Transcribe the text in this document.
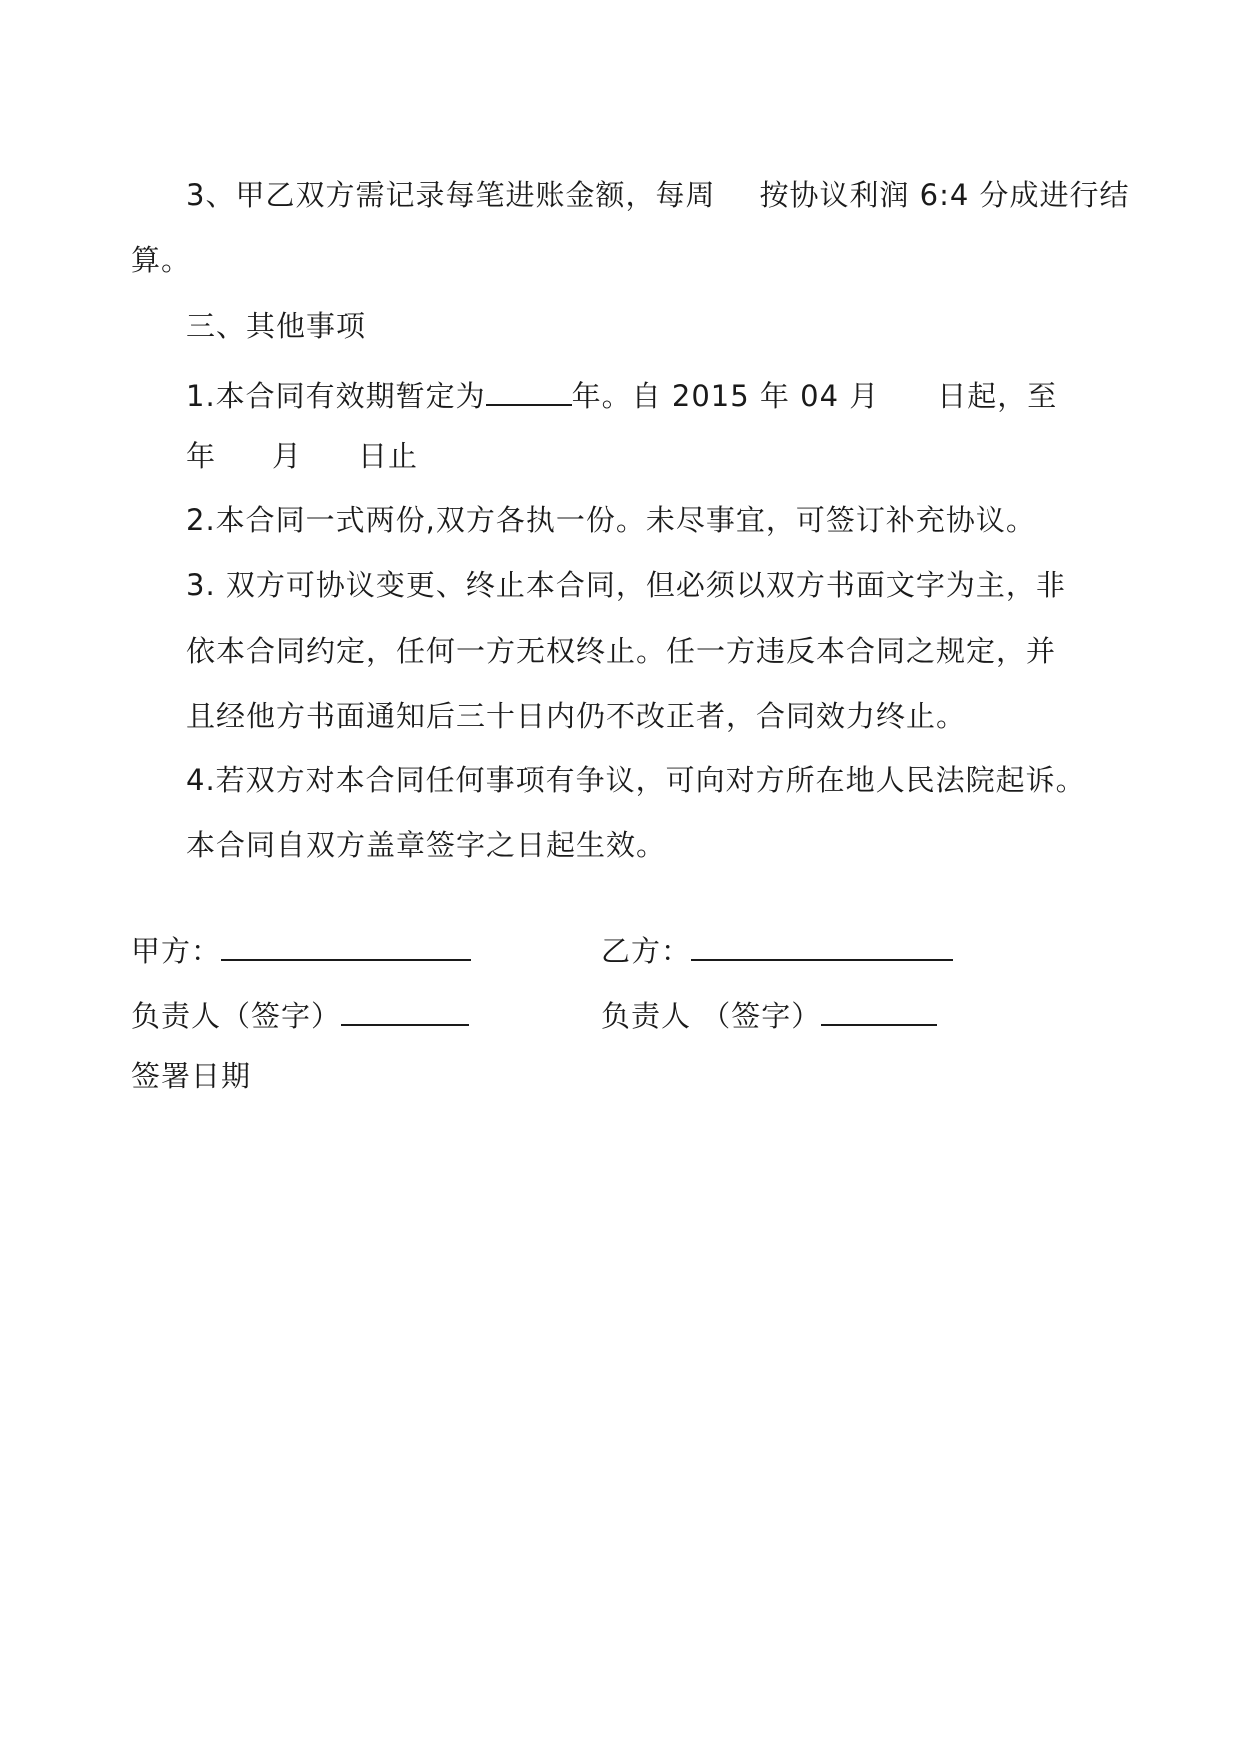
3、甲乙双方需记录每笔进账金额，每周 按协议利润 6:4 分成进行结
算。
三、其他事项
1.本合同有效期暂定为	年。自 2015 年 04 月 日起，至
年 月 日止
2.本合同一式两份,双方各执一份。未尽事宜，可签订补充协议。
3. 双方可协议变更、终止本合同，但必须以双方书面文字为主，非
依本合同约定，任何一方无权终止。任一方违反本合同之规定，并
且经他方书面通知后三十日内仍不改正者，合同效力终止。
4.若双方对本合同任何事项有争议，可向对方所在地人民法院起诉。
本合同自双方盖章签字之日起生效。
甲方：	乙方：
负责人（签字）	负责人 （签字）
签署日期
